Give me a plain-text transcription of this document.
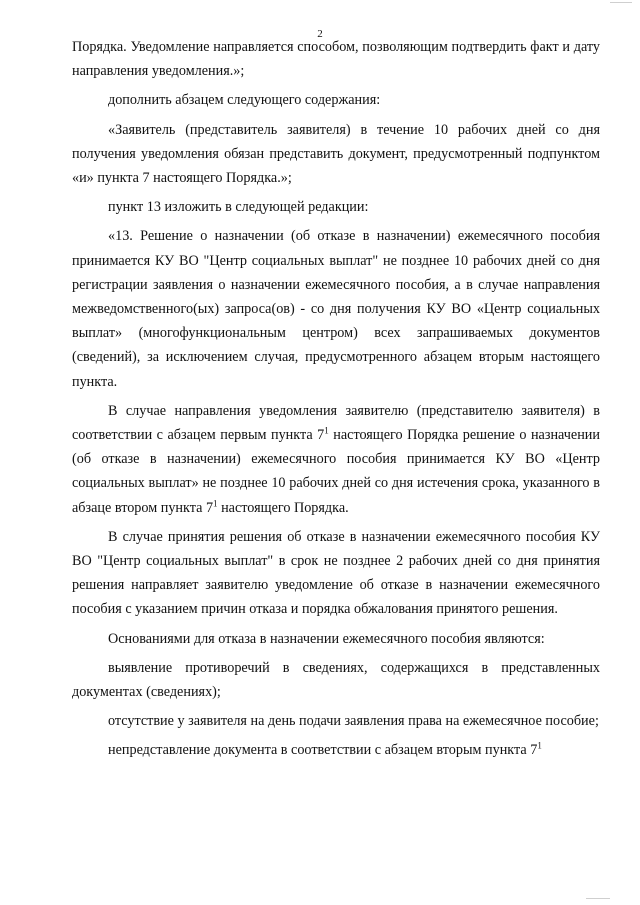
2

Порядка. Уведомление направляется способом, позволяющим подтвердить факт и дату направления уведомления.»;

дополнить абзацем следующего содержания:

«Заявитель (представитель заявителя) в течение 10 рабочих дней со дня получения уведомления обязан представить документ, предусмотренный подпунктом «и» пункта 7 настоящего Порядка.»;

пункт 13 изложить в следующей редакции:

«13. Решение о назначении (об отказе в назначении) ежемесячного пособия принимается КУ ВО "Центр социальных выплат" не позднее 10 рабочих дней со дня регистрации заявления о назначении ежемесячного пособия, а в случае направления межведомственного(ых) запроса(ов) - со дня получения КУ ВО «Центр социальных выплат» (многофункциональным центром) всех запрашиваемых документов (сведений), за исключением случая, предусмотренного абзацем вторым настоящего пункта.

В случае направления уведомления заявителю (представителю заявителя) в соответствии с абзацем первым пункта $7^1$ настоящего Порядка решение о назначении (об отказе в назначении) ежемесячного пособия принимается КУ ВО «Центр социальных выплат» не позднее 10 рабочих дней со дня истечения срока, указанного в абзаце втором пункта $7^1$ настоящего Порядка.

В случае принятия решения об отказе в назначении ежемесячного пособия КУ ВО "Центр социальных выплат" в срок не позднее 2 рабочих дней со дня принятия решения направляет заявителю уведомление об отказе в назначении ежемесячного пособия с указанием причин отказа и порядка обжалования принятого решения.

Основаниями для отказа в назначении ежемесячного пособия являются:

выявление противоречий в сведениях, содержащихся в представленных документах (сведениях);

отсутствие у заявителя на день подачи заявления права на ежемесячное пособие;

непредставление документа в соответствии с абзацем вторым пункта $7^1$
